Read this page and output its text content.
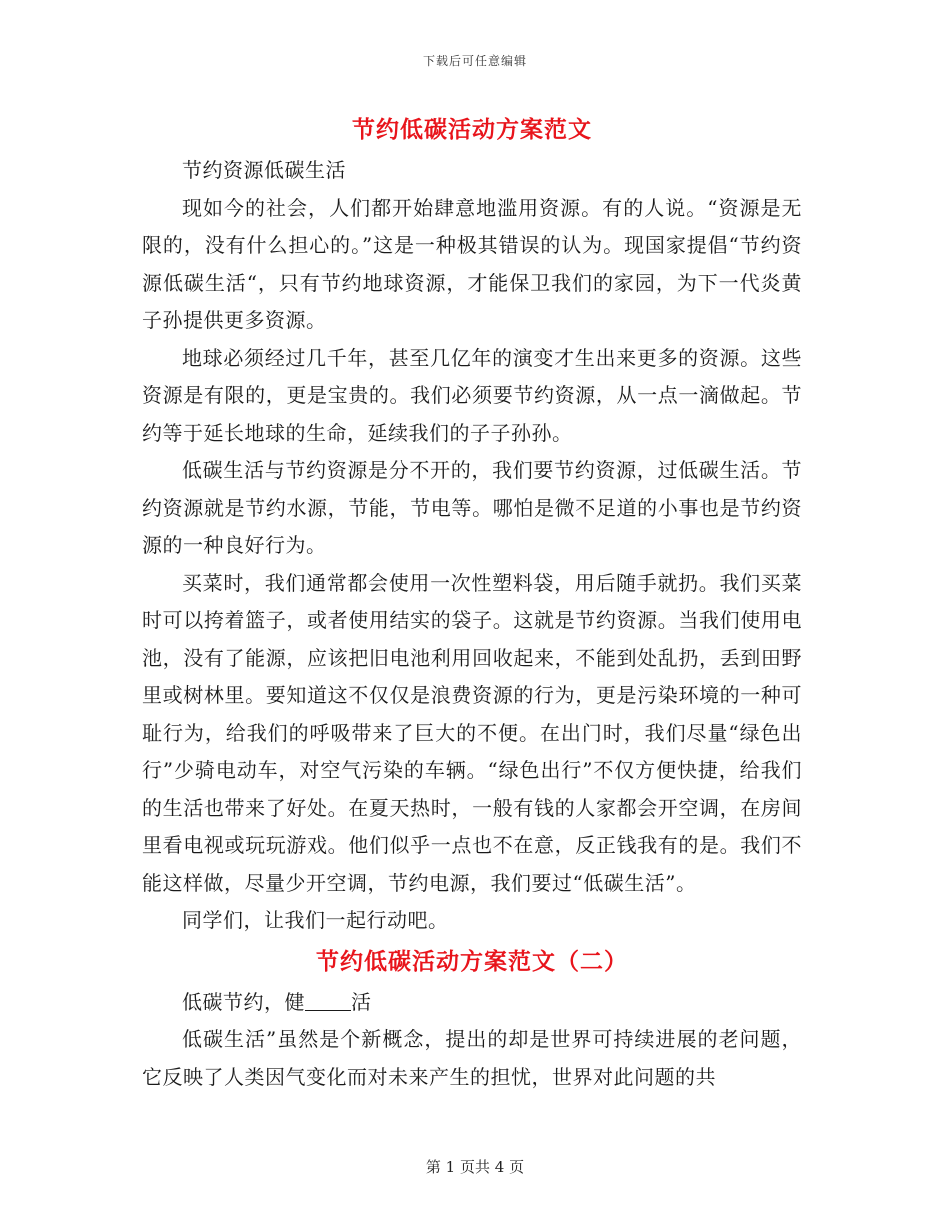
下载后可任意编辑
节约低碳活动方案范文

节约资源低碳生活

现如今的社会，人们都开始肆意地滥用资源。有的人说。“资源是无限的，没有什么担心的。”这是一种极其错误的认为。现国家提倡“节约资源低碳生活“，只有节约地球资源，才能保卫我们的家园，为下一代炎黄子孙提供更多资源。

地球必须经过几千年，甚至几亿年的演变才生出来更多的资源。这些资源是有限的，更是宝贵的。我们必须要节约资源，从一点一滴做起。节约等于延长地球的生命，延续我们的子子孙孙。

低碳生活与节约资源是分不开的，我们要节约资源，过低碳生活。节约资源就是节约水源，节能，节电等。哪怕是微不足道的小事也是节约资源的一种良好行为。

买菜时，我们通常都会使用一次性塑料袋，用后随手就扔。我们买菜时可以挎着篮子，或者使用结实的袋子。这就是节约资源。当我们使用电池，没有了能源，应该把旧电池利用回收起来，不能到处乱扔，丢到田野里或树林里。要知道这不仅仅是浪费资源的行为，更是污染环境的一种可耻行为，给我们的呼吸带来了巨大的不便。在出门时，我们尽量“绿色出行”少骑电动车，对空气污染的车辆。“绿色出行”不仅方便快捷，给我们的生活也带来了好处。在夏天热时，一般有钱的人家都会开空调，在房间里看电视或玩玩游戏。他们似乎一点也不在意，反正钱我有的是。我们不能这样做，尽量少开空调，节约电源，我们要过“低碳生活”。

同学们，让我们一起行动吧。

节约低碳活动方案范文（二）

低碳节约，健 活

低碳生活”虽然是个新概念，提出的却是世界可持续进展的老问题，它反映了人类因气变化而对未来产生的担忧，世界对此问题的共

第 1 页共 4 页
